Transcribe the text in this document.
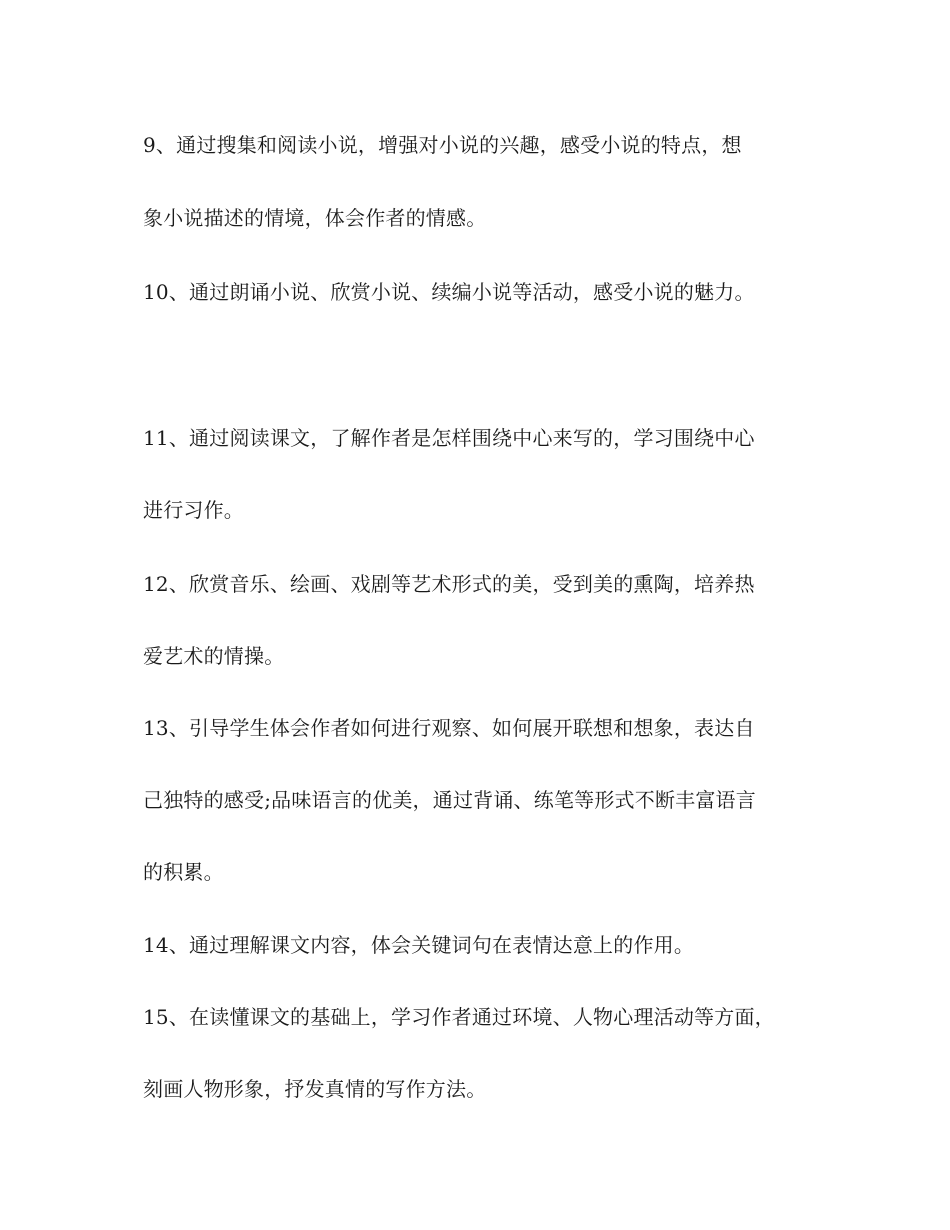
9、通过搜集和阅读小说，增强对小说的兴趣，感受小说的特点，想
象小说描述的情境，体会作者的情感。
10、通过朗诵小说、欣赏小说、续编小说等活动，感受小说的魅力。
11、通过阅读课文，了解作者是怎样围绕中心来写的，学习围绕中心
进行习作。
12、欣赏音乐、绘画、戏剧等艺术形式的美，受到美的熏陶，培养热
爱艺术的情操。
13、引导学生体会作者如何进行观察、如何展开联想和想象，表达自
己独特的感受;品味语言的优美，通过背诵、练笔等形式不断丰富语言
的积累。
14、通过理解课文内容，体会关键词句在表情达意上的作用。
15、在读懂课文的基础上，学习作者通过环境、人物心理活动等方面，
刻画人物形象，抒发真情的写作方法。
